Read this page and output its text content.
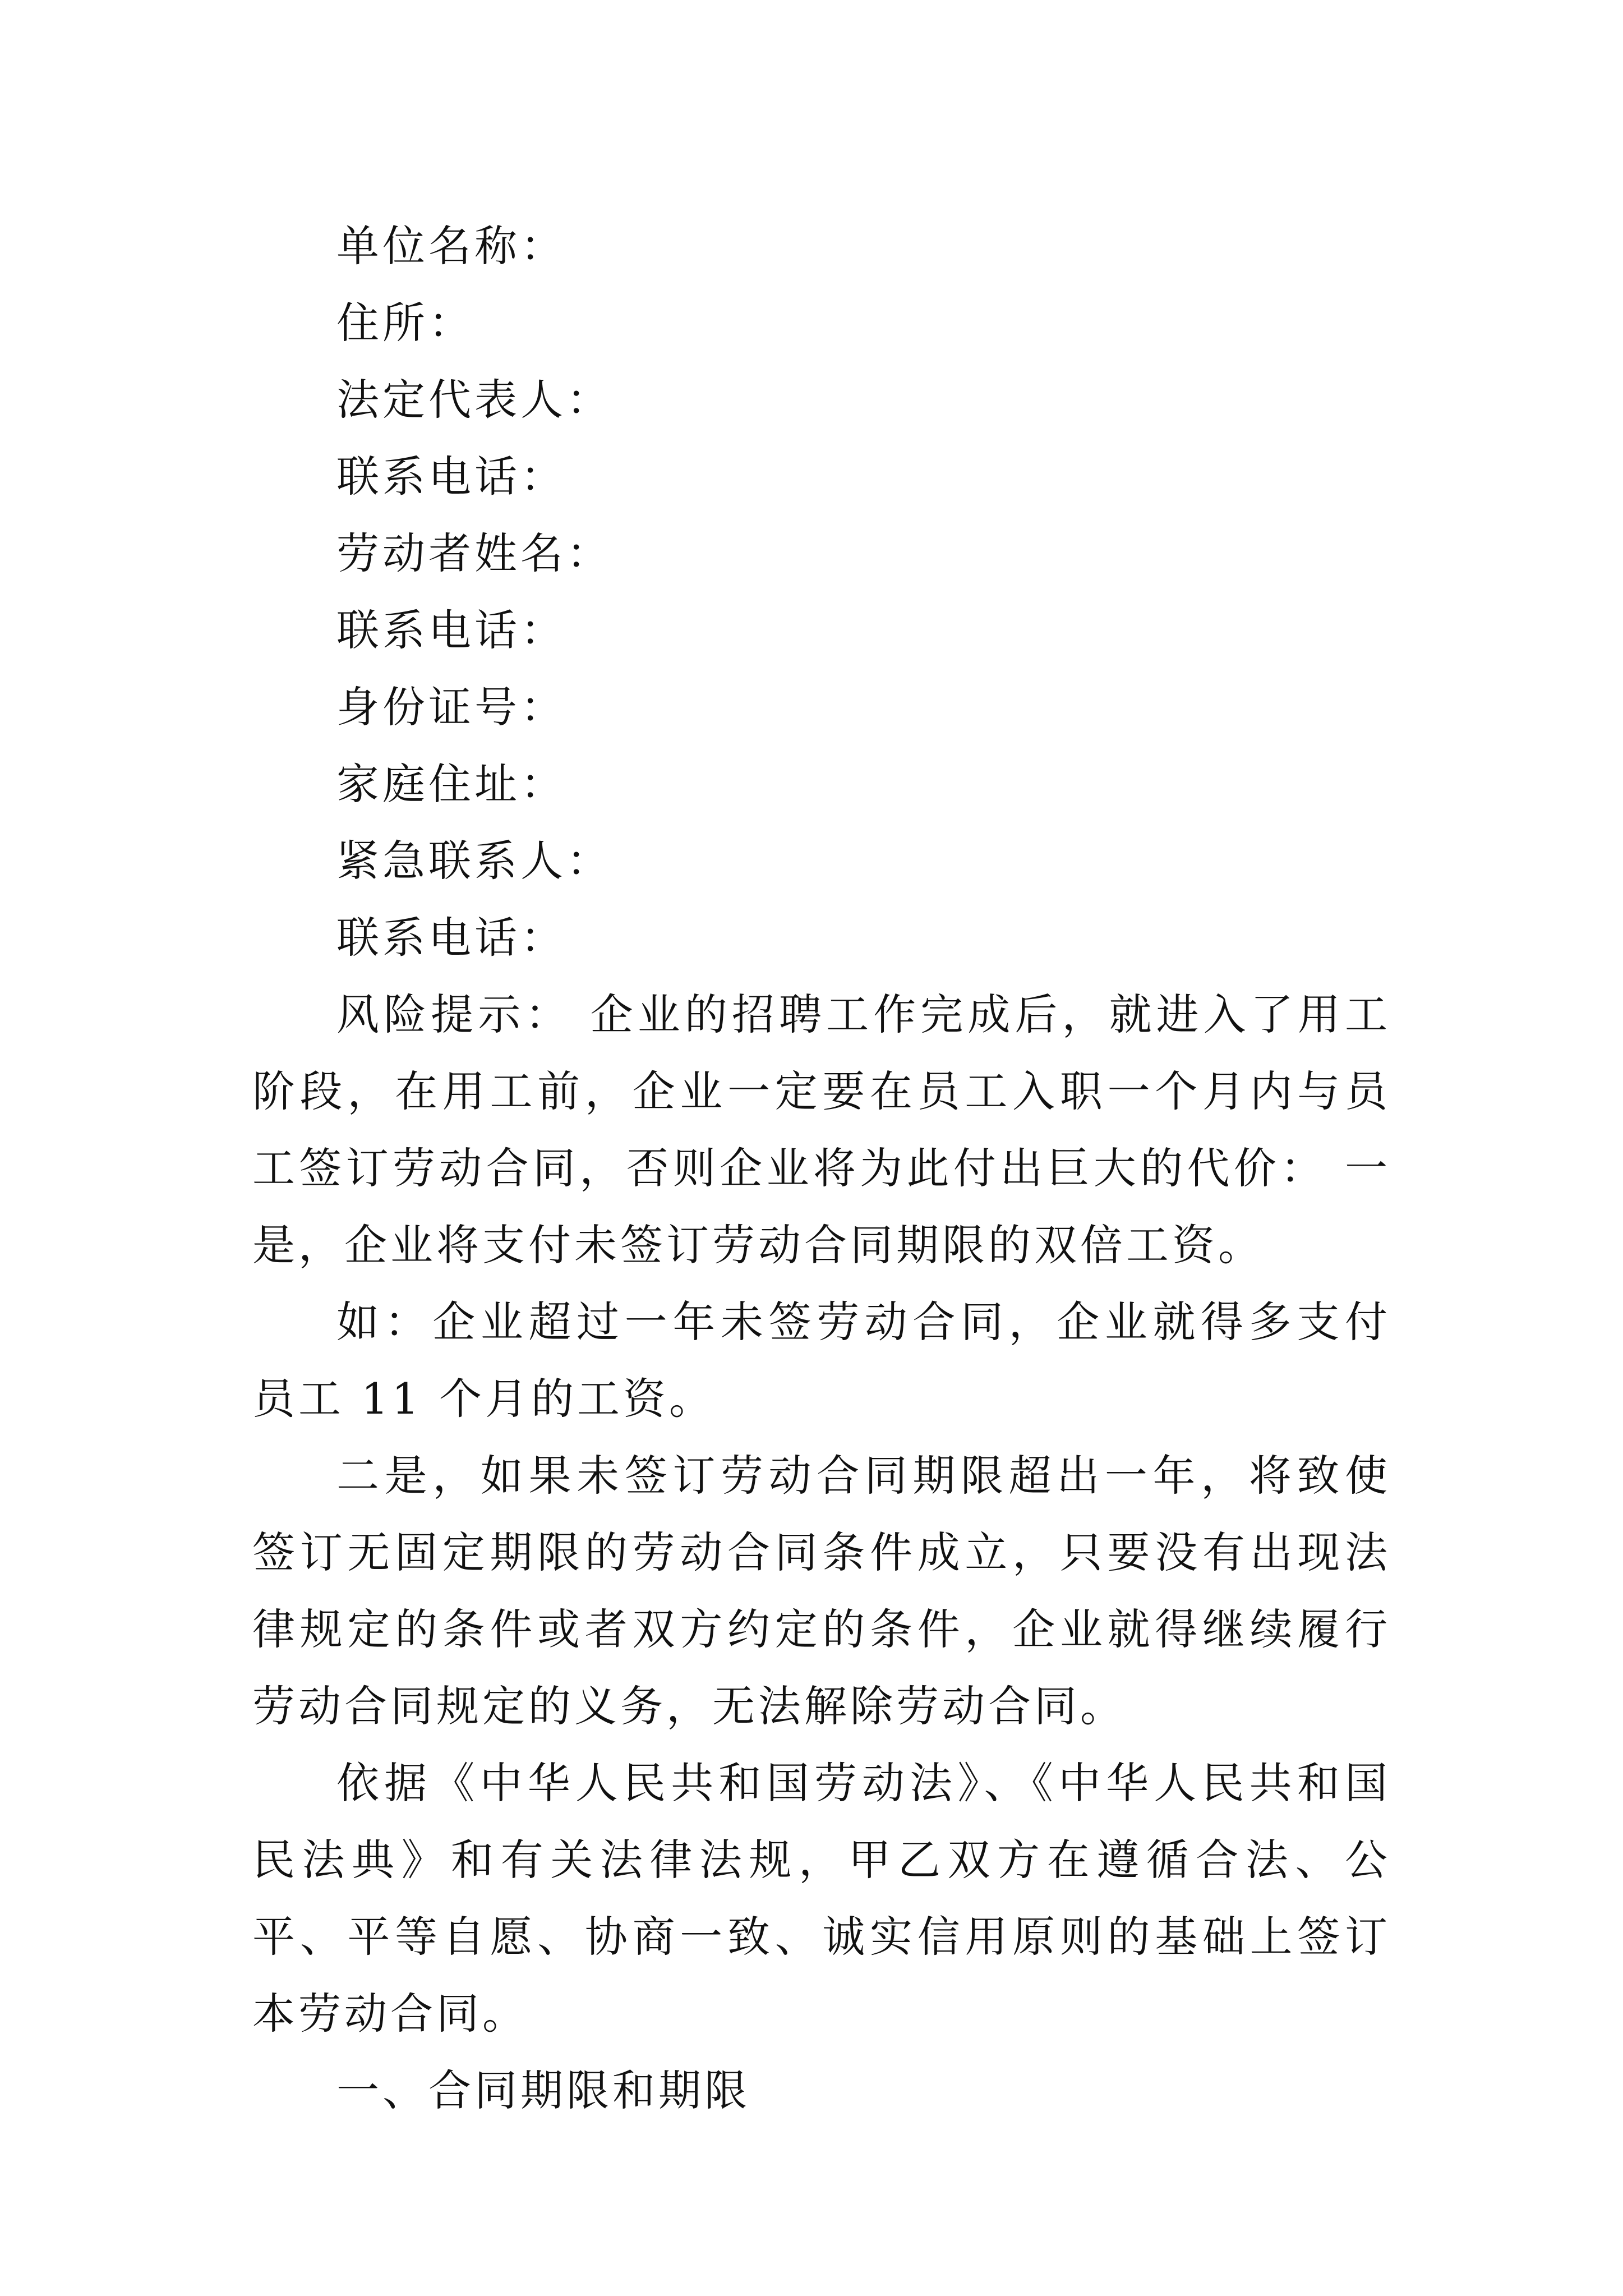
单位名称：
住所：
法定代表人：
联系电话：
劳动者姓名：
联系电话：
身份证号：
家庭住址：
紧急联系人：
联系电话：

风险提示： 企业的招聘工作完成后，就进入了用工阶段，在用工前，企业一定要在员工入职一个月内与员工签订劳动合同，否则企业将为此付出巨大的代价： 一是，企业将支付未签订劳动合同期限的双倍工资。

如：企业超过一年未签劳动合同，企业就得多支付员工 11 个月的工资。

二是，如果未签订劳动合同期限超出一年，将致使签订无固定期限的劳动合同条件成立，只要没有出现法律规定的条件或者双方约定的条件，企业就得继续履行劳动合同规定的义务，无法解除劳动合同。

依据《中华人民共和国劳动法》、《中华人民共和国民法典》和有关法律法规，甲乙双方在遵循合法、公平、平等自愿、协商一致、诚实信用原则的基础上签订本劳动合同。

一、合同期限和期限
